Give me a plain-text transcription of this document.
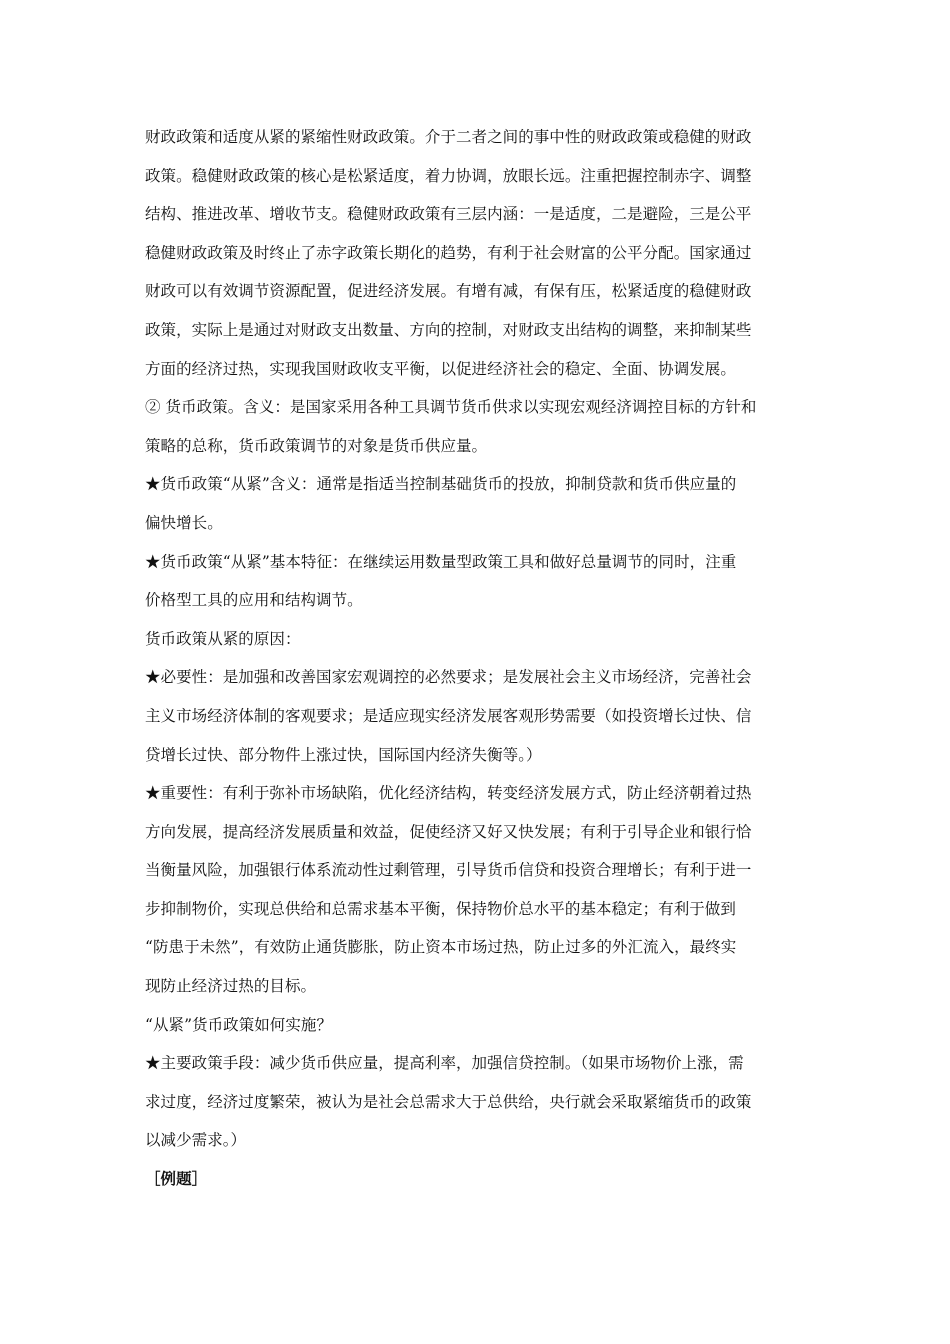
财政政策和适度从紧的紧缩性财政政策。介于二者之间的事中性的财政政策或稳健的财政
政策。稳健财政政策的核心是松紧适度，着力协调，放眼长远。注重把握控制赤字、调整
结构、推进改革、增收节支。稳健财政政策有三层内涵：一是适度，二是避险，三是公平
稳健财政政策及时终止了赤字政策长期化的趋势，有利于社会财富的公平分配。国家通过
财政可以有效调节资源配置，促进经济发展。有增有减，有保有压，松紧适度的稳健财政
政策，实际上是通过对财政支出数量、方向的控制，对财政支出结构的调整，来抑制某些
方面的经济过热，实现我国财政收支平衡，以促进经济社会的稳定、全面、协调发展。
② 货币政策。含义：是国家采用各种工具调节货币供求以实现宏观经济调控目标的方针和
策略的总称，货币政策调节的对象是货币供应量。
★货币政策“从紧”含义：通常是指适当控制基础货币的投放，抑制贷款和货币供应量的
偏快增长。
★货币政策“从紧”基本特征：在继续运用数量型政策工具和做好总量调节的同时，注重
价格型工具的应用和结构调节。
货币政策从紧的原因：
★必要性：是加强和改善国家宏观调控的必然要求；是发展社会主义市场经济，完善社会
主义市场经济体制的客观要求；是适应现实经济发展客观形势需要（如投资增长过快、信
贷增长过快、部分物件上涨过快，国际国内经济失衡等。）
★重要性：有利于弥补市场缺陷，优化经济结构，转变经济发展方式，防止经济朝着过热
方向发展，提高经济发展质量和效益，促使经济又好又快发展；有利于引导企业和银行恰
当衡量风险，加强银行体系流动性过剩管理，引导货币信贷和投资合理增长；有利于进一
步抑制物价，实现总供给和总需求基本平衡，保持物价总水平的基本稳定；有利于做到
“防患于未然”，有效防止通货膨胀，防止资本市场过热，防止过多的外汇流入，最终实
现防止经济过热的目标。
“从紧”货币政策如何实施？
★主要政策手段：减少货币供应量，提高利率，加强信贷控制。（如果市场物价上涨，需
求过度，经济过度繁荣，被认为是社会总需求大于总供给，央行就会采取紧缩货币的政策
以减少需求。）
［例题］
